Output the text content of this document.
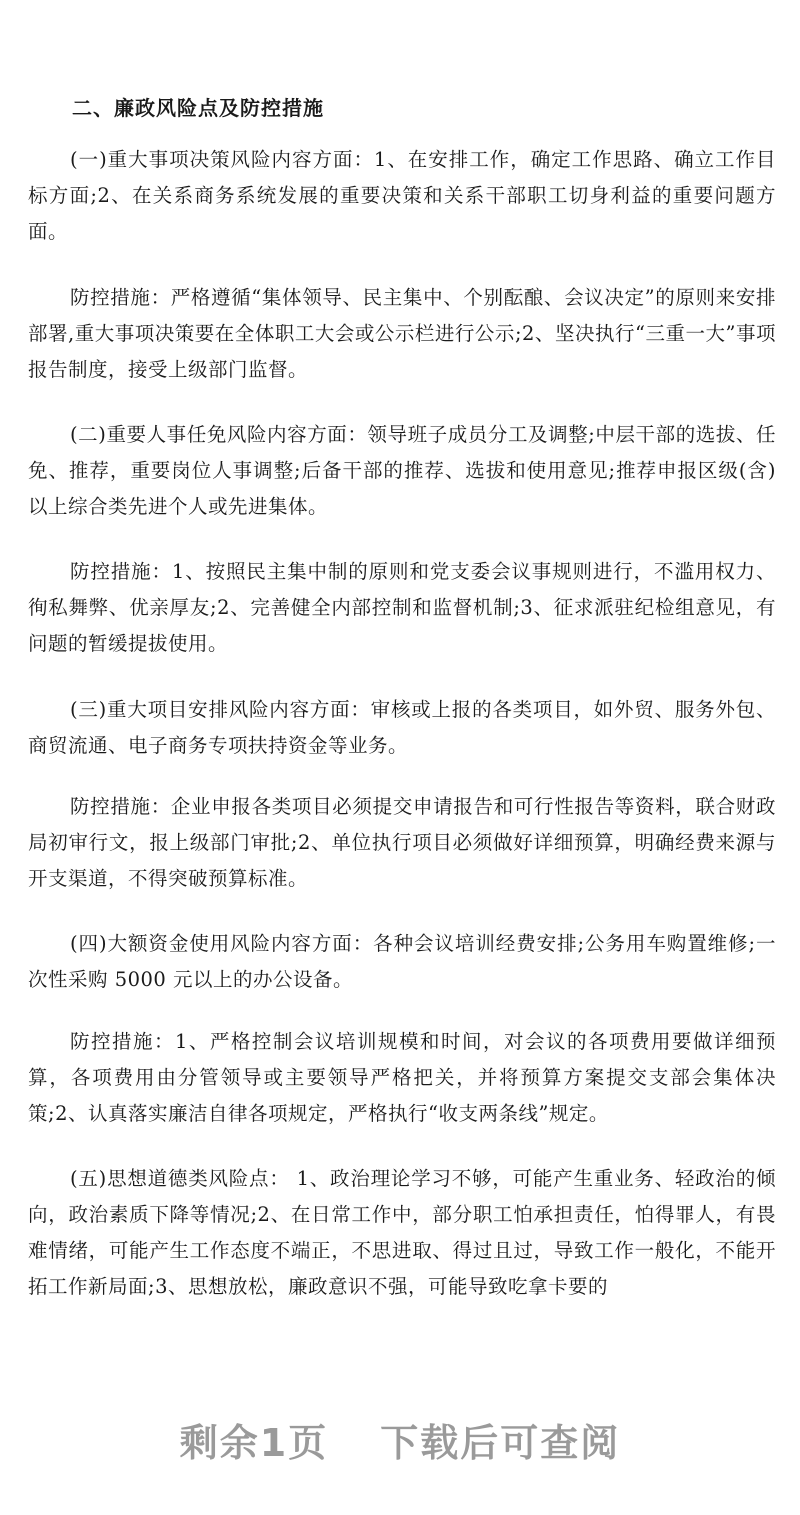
二、廉政风险点及防控措施

(一)重大事项决策风险内容方面：1、在安排工作，确定工作思路、确立工作目标方面;2、在关系商务系统发展的重要决策和关系干部职工切身利益的重要问题方面。

防控措施：严格遵循“集体领导、民主集中、个别酝酿、会议决定”的原则来安排部署,重大事项决策要在全体职工大会或公示栏进行公示;2、坚决执行“三重一大”事项报告制度，接受上级部门监督。

(二)重要人事任免风险内容方面：领导班子成员分工及调整;中层干部的选拔、任免、推荐，重要岗位人事调整;后备干部的推荐、选拔和使用意见;推荐申报区级(含)以上综合类先进个人或先进集体。

防控措施：1、按照民主集中制的原则和党支委会议事规则进行，不滥用权力、徇私舞弊、优亲厚友;2、完善健全内部控制和监督机制;3、征求派驻纪检组意见，有问题的暂缓提拔使用。

(三)重大项目安排风险内容方面：审核或上报的各类项目，如外贸、服务外包、商贸流通、电子商务专项扶持资金等业务。

防控措施：企业申报各类项目必须提交申请报告和可行性报告等资料，联合财政局初审行文，报上级部门审批;2、单位执行项目必须做好详细预算，明确经费来源与开支渠道，不得突破预算标准。

(四)大额资金使用风险内容方面：各种会议培训经费安排;公务用车购置维修;一次性采购 5000 元以上的办公设备。

防控措施：1、严格控制会议培训规模和时间，对会议的各项费用要做详细预算，各项费用由分管领导或主要领导严格把关，并将预算方案提交支部会集体决策;2、认真落实廉洁自律各项规定，严格执行“收支两条线”规定。

(五)思想道德类风险点： 1、政治理论学习不够，可能产生重业务、轻政治的倾向，政治素质下降等情况;2、在日常工作中，部分职工怕承担责任，怕得罪人，有畏难情绪，可能产生工作态度不端正，不思进取、得过且过，导致工作一般化，不能开拓工作新局面;3、思想放松，廉政意识不强，可能导致吃拿卡要的

剩余1页 下载后可查阅
